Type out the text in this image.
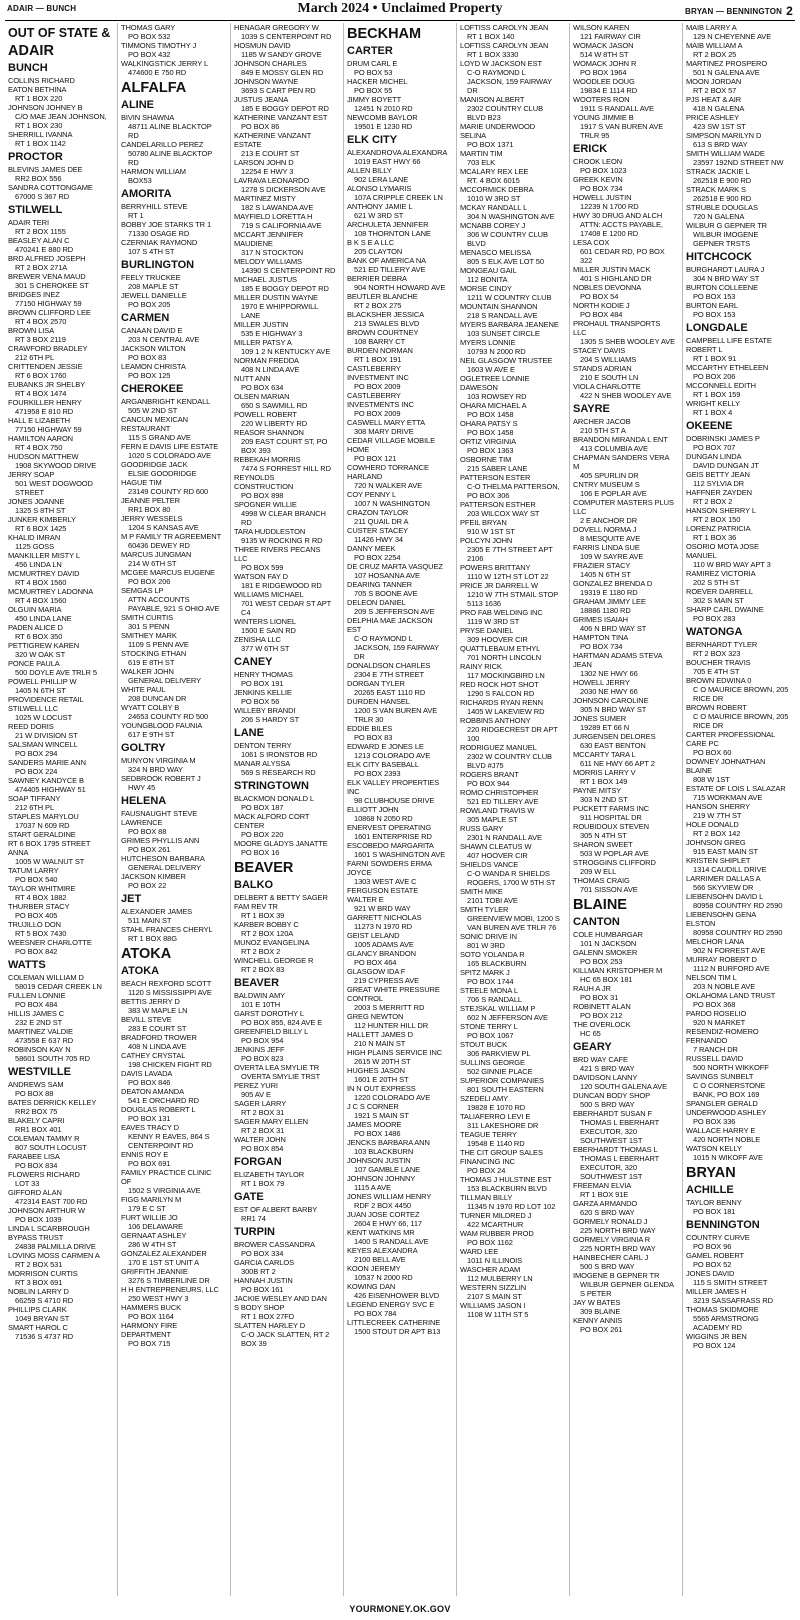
ADAIR — BUNCH	March 2024 • Unclaimed Property	BRYAN — BENNINGTON 2
OUT OF STATE &
ADAIR
BUNCH
COLLINS RICHARD
EATON BETHINA
RT 1 BOX 220
JOHNSON JOHNEY B
C/O MAE JEAN JOHNSON,
RT 1 BOX 230
SHERRILL IVANNA
RT 1 BOX 1142
PROCTOR
BLEVINS JAMES DEE
RR2 BOX 556
SANDRA COTTONGAME
67000 S 367 RD
STILWELL
ADAIR TERI
RT 2 BOX 1155
BEASLEY ALAN C
470241 E 880 RD
BRD ALFRED JOSEPH
RT 2 BOX 271A
BREWER VENA MAUD
301 S CHEROKEE ST
BRIDGES INEZ
77150 HIGHWAY 59
BROWN CLIFFORD LEE
RT 4 BOX 2570
BROWN LISA
RT 3 BOX 2119
CRAWFORD BRADLEY
212 6TH PL
CRITTENDEN JESSIE
RT 6 BOX 1760
EUBANKS JR SHELBY
RT 4 BOX 1474
FOURKILLER HENRY
471958 E 810 RD
HALL E LIZABETH
77150 HIGHWAY 59
HAMILTON AARON
RT 4 BOX 750
HUDSON MATTHEW
1908 SKYWOOD DRIVE
JERRY SOAP
501 WEST DOGWOOD
STREET
JONES JOANNE
1325 S 8TH ST
JUNKER KIMBERLY
RT 6 BOX 1425
KHALID IMRAN
1125 GOSS
MANKILLER MISTY L
456 LINDA LN
MCMURTREY DAVID
RT 4 BOX 1560
MCMURTREY LADONNA
RT 4 BOX 1560
OLGUIN MARIA
450 LINDA LANE
PADEN ALICE D
RT 6 BOX 350
PETTIGREW KAREN
320 W OAK ST
PONCE PAULA
500 DOYLE AVE TRLR 5
POWELL PHILLIP W
1405 N 6TH ST
PROVIDENCE RETAIL
STILWELL LLC
1025 W LOCUST
REED DORIS
21 W DIVISION ST
SALSMAN WINCELL
PO BOX 294
SANDERS MARIE ANN
PO BOX 224
SAWNEY KANDYCE B
474405 HIGHWAY 51
SOAP TIFFANY
212 6TH PL
STAPLES MARYLOU
17037 N 609 RD
START GERALDINE
RT 6 BOX 1795 STREET
ANNA
1005 W WALNUT ST
TATUM LARRY
PO BOX 540
TAYLOR WHITMIRE
RT 4 BOX 1882
THURBER STACY
PO BOX 405
TRUJILLO DON
RT 5 BOX 7430
WEESNER CHARLOTTE
PO BOX 842
WATTS
COLEMAN WILLIAM D
58019 CEDAR CREEK LN
FULLEN LONNIE
PO BOX 484
HILLIS JAMES C
232 E 2ND ST
MARTINEZ VALDIE
473558 E 637 RD
ROBINSON KAY N
58601 SOUTH 705 RD
WESTVILLE
ANDREWS SAM
PO BOX 88
BATES DERRICK KELLEY
RR2 BOX 75
BLAKELY CAPRI
RR1 BOX 401
COLEMAN TAMMY R
807 SOUTH LOCUST
FARABEE LISA
PO BOX 834
FLOWERS RICHARD
LOT 33
GIFFORD ALAN
472314 EAST 700 RD
JOHNSON ARTHUR W
PO BOX 1039
LINDA L SCARBROUGH
BYPASS TRUST
24838 PALMILLA DRIVE
LOVING MOSS CARMEN A
RT 2 BOX 531
MORRISON CURTIS
RT 3 BOX 691
NOBLIN LARRY D
66259 S 4710 RD
PHILLIPS CLARK
1049 BRYAN ST
SMART HAROL C
71536 S 4737 RD
THOMAS GARY
PO BOX 532
TIMMONS TIMOTHY J
PO BOX 432
WALKINGSTICK JERRY L
474600 E 750 RD
ALFALFA
ALINE
BIVIN SHAWNA
48711 ALINE BLACKTOP
RD
CANDELARILLO PEREZ
50780 ALINE BLACKTOP
RD
HARMON WILLIAM
BOX53
AMORITA
BERRYHILL STEVE
RT 1
BOBBY JOE STARKS TR 1
71330 OSAGE RD
CZERNIAK RAYMOND
107 S 4TH ST
BURLINGTON
FEELY TRUCKEE
208 MAPLE ST
JEWELL DANIELLE
PO BOX 205
CARMEN
CANAAN DAVID E
203 N CENTRAL AVE
JACKSON WILTON
PO BOX 83
LEAMON CHRISTA
PO BOX 125
CHEROKEE
ARGANBRIGHT KENDALL
505 W 2ND ST
CANCUN MEXICAN
RESTAURANT
115 S GRAND AVE
FERN E DAVIS LIFE ESTATE
1020 S COLORADO AVE
GOODRIDGE JACK
ELSIE GOODRIDGE
HAGUE TIM
23149 COUNTY RD 600
JEANNE PELTER
RR1 BOX 80
JERRY WESSELS
1204 S KANSAS AVE
M P FAMILY TR AGREEMENT
60436 DEWEY RD
MARCUS JUNGMAN
214 W 6TH ST
MCGEE MARCUS EUGENE
PO BOX 206
SEMGAS LP
ATTN ACCOUNTS
PAYABLE, 921 S OHIO AVE
SMITH CURTIS
301 S PENN
SMITHEY MARK
1109 S PENN AVE
STOCKING ETHAN
619 E 8TH ST
WALKER JOHN
GENERAL DELIVERY
WHITE PAUL
208 DUNCAN DR
WYATT COLBY B
24653 COUNTY RD 500
YOUNGBLOOD FAUNIA
617 E 9TH ST
GOLTRY
MUNYON VIRGINIA M
324 N BRD WAY
SEDBROOK ROBERT J
HWY 45
HELENA
FAUSNAUGHT STEVE
LAWRENCE
PO BOX 88
GRIMES PHYLLIS ANN
PO BOX 261
HUTCHESON BARBARA
GENERAL DELIVERY
JACKSON KIMBER
PO BOX 22
JET
ALEXANDER JAMES
511 MAIN ST
STAHL FRANCES CHERYL
RT 1 BOX 88G
ATOKA
ATOKA
BEACH REXFORD SCOTT
1120 S MISSISSIPPI AVE
BETTIS JERRY D
383 W MAPLE LN
BEVILL STEVE
283 E COURT ST
BRADFORD TROWER
408 N LINDA AVE
CATHEY CRYSTAL
198 CHICKEN FIGHT RD
DAVIS LAVADA
PO BOX 846
DEATON AMANDA
541 E ORCHARD RD
DOUGLAS ROBERT L
PO BOX 131
EAVES TRACY D
KENNY R EAVES, 864 S
CENTERPOINT RD
ENNIS ROY E
PO BOX 691
FAMILY PRACTICE CLINIC
OF
1502 S VIRGINIA AVE
FIGG MARILYN M
179 E C ST
FURT WILLIE JO
106 DELAWARE
GERNAAT ASHLEY
286 W 4TH ST
GONZALEZ ALEXANDER
170 E 1ST ST UNIT A
GRIFFITH JEANNIE
3276 S TIMBERLINE DR
H H ENTREPRENEURS, LLC
250 WEST HWY 3
HAMMERS BUCK
PO BOX 1164
HARMONY FIRE
DEPARTMENT
PO BOX 715
HENAGAR GREGORY W
1039 S CENTERPOINT RD
HOSMUN DAVID
1185 W SANDY GROVE
JOHNSON CHARLES
849 E MOSSY GLEN RD
JOHNSON WAYNE
3693 S CART PEN RD
JUSTUS JEANA
185 E BOGGY DEPOT RD
KATHERINE VANZANT EST
PO BOX 86
KATHERINE VANZANT
ESTATE
213 E COURT ST
LARSON JOHN D
12254 E HWY 3
LAVRAVA LEONARDO
1278 S DICKERSON AVE
MARTINEZ MISTY
182 S LAWANDA AVE
MAYFIELD LORETTA H
719 S CALIFORNIA AVE
MCCART JENNIFER
MAUDIENE
317 N STOCKTON
MELODY WILLIAMS
14390 S CENTERPOINT RD
MICHAEL JUSTUS
185 E BOGGY DEPOT RD
MILLER DUSTIN WAYNE
1970 E WHIPPORWILL
LANE
MILLER JUSTIN
535 E HIGHWAY 3
MILLER PATSY A
109 1 2 N KENTUCKY AVE
NORMAN FREDDA
408 N LINDA AVE
NUTT ANN
PO BOX 634
OLSEN MARIAN
650 S SAWMILL RD
POWELL ROBERT
220 W LIBERTY RD
REASOR SHANNON
209 EAST COURT ST, PO
BOX 393
REBEKAH MORRIS
7474 S FORREST HILL RD
REYNOLDS
CONSTRUCTION
PO BOX 898
SPOGNER WILLIE
4998 W CLEAR BRANCH
RD
TARA HUDDLESTON
9135 W ROCKING R RD
THREE RIVERS PECANS
LLC
PO BOX 599
WATSON FAY D
181 E RIDGEWOOD RD
WILLIAMS MICHAEL
701 WEST CEDAR ST APT
C4
WINTERS LIONEL
1500 E SAIN RD
ZENISHA LLC
377 W 6TH ST
CANEY
HENRY THOMAS
PO BOX 191
JENKINS KELLIE
PO BOX 56
WILLEBY BRANDI
206 S HARDY ST
LANE
DENTON TERRY
1061 S IRONSTOB RD
MANAR ALYSSA
569 S RESEARCH RD
STRINGTOWN
BLACKMON DONALD L
PO BOX 187
MACK ALFORD CORT
CENTER
PO BOX 220
MOORE GLADYS JANATTE
PO BOX 16
BEAVER
BALKO
DELBERT & BETTY SAGER
FAM REV TR
RT 1 BOX 39
KARBER BOBBY C
RT 2 BOX 120A
MUNOZ EVANGELINA
RT 2 BOX 2
WINCHELL GEORGE R
RT 2 BOX 83
BEAVER
BALDWIN AMY
101 E 10TH
GARST DOROTHY L
PO BOX 855, 824 AVE E
GREENFIELD BILLY L
PO BOX 954
JENKINS JEFF
PO BOX 823
OVERTA LEA SMYLIE TR
OVERTA SMYLIE TRST
PEREZ YURI
905 AV E
SAGER LARRY
RT 2 BOX 31
SAGER MARY ELLEN
RT 2 BOX 31
WALTER JOHN
PO BOX 854
FORGAN
ELIZABETH TAYLOR
RT 1 BOX 79
GATE
EST OF ALBERT BARBY
RR1 74
TURPIN
BROWER CASSANDRA
PO BOX 334
GARCIA CARLOS
300B RT 2
HANNAH JUSTIN
PO BOX 161
JACKIE WESLEY AND DAN
S BODY SHOP
RT 1 BOX 27FD
SLATTEN HARLEY D
C-O JACK SLATTEN, RT 2
BOX 39
BECKHAM
CARTER
DRUM CARL E
PO BOX 53
HACKER MICHEL
PO BOX 55
JIMMY BOYETT
12451 N 2010 RD
NEWCOMB BAYLOR
19501 E 1230 RD
ELK CITY
ALEXANDROVA ALEXANDRA
1019 EAST HWY 66
ALLEN BILLY
902 LERA LANE
ALONSO LYMARIS
107A CRIPPLE CREEK LN
ANTHONY JAMIE L
621 W 3RD ST
ARCHULETA JENNIFER
108 THORNTON LANE
B K S E A LLC
205 CLAYTON
BANK OF AMERICA NA
521 ED TILLERY AVE
BERRIER DEBRA
904 NORTH HOWARD AVE
BEUTLER BLANCHE
RT 2 BOX 275
BLACKSHER JESSICA
213 SWALES BLVD
BROWN COURTNEY
108 BARRY CT
BURDEN NORMAN
RT 1 BOX 191
CASTLEBERRY
INVESTMENT INC
PO BOX 2009
CASTLEBERRY
INVESTMENTS INC
PO BOX 2009
CASWELL MARY ETTA
308 MARY DRIVE
CEDAR VILLAGE MOBILE
HOME
PO BOX 121
COWHERD TORRANCE
HARLAND
720 N WALKER AVE
COY PENNY L
1007 N WASHINGTON
CRAZON TAYLOR
211 QUAIL DR A
CUSTER STACEY
11426 HWY 34
DANNY MEEK
PO BOX 2254
DE CRUZ MARTA VASQUEZ
107 HOSANNA AVE
DEARING TANNER
705 S BOONE AVE
DELEON DANIEL
209 S JEFFERSON AVE
DELPHIA MAE JACKSON
EST
C-O RAYMOND L
JACKSON, 159 FAIRWAY
DR
DONALDSON CHARLES
2304 E 7TH STREET
DORGAN TYLER
20265 EAST 1110 RD
DURDEN HANSEL
1200 S VAN BUREN AVE
TRLR 30
EDDIE BILES
PO BOX 83
EDWARD E JONES LE
1213 COLORADO AVE
ELK CITY BASEBALL
PO BOX 2393
ELK VALLEY PROPERTIES
INC
98 CLUBHOUSE DRIVE
ELLIOTT JOHN
10868 N 2050 RD
ENERVEST OPERATING
1601 ENTERPRISE RD
ESCOBEDO MARGARITA
1601 S WASHINGTON AVE
FARNI SOWDERS ERMA
JOYCE
1303 WEST AVE C
FERGUSON ESTATE
WALTER E
921 W BRD WAY
GARRETT NICHOLAS
11273 N 1970 RD
GEIST LELAND
1005 ADAMS AVE
GLANCY BRANDON
PO BOX 464
GLASGOW IDA F
219 CYPRESS AVE
GREAT WHITE PRESSURE
CONTROL
2003 S MERRITT RD
GREG NEWTON
112 HUNTER HILL DR
HALLETT JAMES D
210 N MAIN ST
HIGH PLAINS SERVICE INC
2615 W 20TH ST
HUGHES JASON
1601 E 20TH ST
IN N OUT EXPRESS
1220 COLORADO AVE
J C S CORNER
1921 S MAIN ST
JAMES MOORE
PO BOX 1486
JENCKS BARBARA ANN
103 BLACKBURN
JOHNSON JUSTIN
107 GAMBLE LANE
JOHNSON JOHNNY
1115 A AVE
JONES WILLIAM HENRY
RDF 2 BOX 4450
JUAN JOSE CORTEZ
2604 E HWY 66, 117
KENT WATKINS MR
1400 S RANDALL AVE
KEYES ALEXANDRA
2100 BELL AVE
KOON JEREMY
10537 N 2000 RD
KOWING DAN
426 EISENHOWER BLVD
LEGEND ENERGY SVC E
PO BOX 784
LITTLECREEK CATHERINE
1500 STOUT DR APT B13
LOFTISS CAROLYN JEAN
RT 1 BOX 140
LOFTISS CAROLYN JEAN
RT 1 BOX 3330
LOYD W JACKSON EST
C-O RAYMOND L
JACKSON, 159 FAIRWAY
DR
MANISON ALBERT
2302 COUNTRY CLUB
BLVD B23
MARIE UNDERWOOD
SELINA
PO BOX 1371
MARTIN TIM
703 ELK
MCALARY REX LEE
RT. 4 BOX 6015
MCCORMICK DEBRA
1010 W 3RD ST
MCKAY RANDALL L
304 N WASHINGTON AVE
MCNABB COREY J
306 W COUNTRY CLUB
BLVD
MENASCO MELISSA
805 S ELK AVE LOT 50
MONGEAU GAIL
112 BONITA
MORSE CINDY
1211 W COUNTRY CLUB
MOUNTAIN SHANNON
218 S RANDALL AVE
MYERS BARBARA JEANENE
103 SUNSET CIRCLE
MYERS LONNIE
10793 N 2000 RD
NEIL GLASGOW TRUSTEE
1603 W AVE E
OGLETREE LONNIE
DAWESON
103 ROWSEY RD
OHARA MICHAEL A
PO BOX 1458
OHARA PATSY S
PO BOX 1458
ORTIZ VIRGINIA
PO BOX 1363
OSBORNE TIM
215 SABER LANE
PATTERSON ESTER
C-O THELMA PATTERSON,
PO BOX 306
PATTERSON ESTHER
203 WILCOX WAY ST
PFEIL BRYAN
910 W 1ST ST
POLCYN JOHN
2305 E 7TH STREET APT
2106
POWERS BRITTANY
1110 W 12TH ST LOT 22
PRICE JR DARRELL W
1210 W 7TH STMAIL STOP
5113 1636
PRO FAB WELDING INC
1119 W 3RD ST
PRYSE DANIEL
309 HOOVER CIR
QUATTLEBAUM ETHYL
701 NORTH LINCOLN
RAINY RICK
117 MOCKINGBIRD LN
RED ROCK HOT SHOT
1290 S FALCON RD
RICHARDS RYAN RENN
1405 W LAKEVIEW RD
ROBBINS ANTHONY
220 RIDGECREST DR APT
100
RODRIGUEZ MANUEL
2302 W COUNTRY CLUB
BLVD #J75
ROGERS BRANT
PO BOX 944
ROMO CHRISTOPHER
521 ED TILLERY AVE
ROWLAND TRAVIS W
305 MAPLE ST
RUSS GARY
2301 N RANDALL AVE
SHAWN CLEATUS W
407 HOOVER CIR
SHIELDS VANCE
C-O WANDA R SHIELDS
ROGERS, 1700 W 5TH ST
SMITH MIKE
2101 TOBI AVE
SMITH TYLER
GREENVIEW MOBI, 1200 S
VAN BUREN AVE TRLR 76
SONIC DRIVE IN
801 W 3RD
SOTO YOLANDA R
165 BLACKBURN
SPITZ MARK J
PO BOX 1744
STEELE MONA L
706 S RANDALL
STEJSKAL WILLIAM P
602 N JEFFERSON AVE
STONE TERRY L
PO BOX 1067
STOUT BUCK
306 PARKVIEW PL
SULLINS GEORGE
502 GINNIE PLACE
SUPERIOR COMPANIES
801 SOUTH EASTERN
SZEDELI AMY
19828 E 1070 RD
TALIAFERRO LEVI E
311 LAKESHORE DR
TEAGUE TERRY
19548 E 1140 RD
THE CIT GROUP SALES
FINANCING INC
PO BOX 24
THOMAS J HULSTINE EST
153 BLACKBURN BLVD
TILLMAN BILLY
11345 N 1970 RD LOT 102
TURNER MILDRED J
422 MCARTHUR
WAM RUBBER PROD
PO BOX 1162
WARD LEE
1011 N ILLINOIS
WASCHER ADAM
112 MULBERRY LN
WESTERN SIZZLIN
2107 S MAIN ST
WILLIAMS JASON I
1108 W 11TH ST 5
WILSON KAREN
121 FAIRWAY CIR
WOMACK JASON
514 W 8TH ST
WOMACK JOHN R
PO BOX 1964
WOODLEE DOUG
19834 E 1114 RD
WOOTERS RON
1911 S RANDALL AVE
YOUNG JIMMIE B
1917 S VAN BUREN AVE
TRLR 95
ERICK
CROOK LEON
PO BOX 1023
GREEK KEVIN
PO BOX 734
HOWELL JUSTIN
12239 N 1700 RD
HWY 30 DRUG AND ALCH
ATTN: ACCTS PAYABLE,
17408 E 1200 RD
LESA COX
601 CEDAR RD, PO BOX
322
MILLER JUSTIN MACK
401 S HIGHLAND DR
NOBLES DEVONNA
PO BOX 54
NORTH KODIE J
PO BOX 484
PROHAUL TRANSPORTS
LLC
1305 S SHEB WOOLEY AVE
STACEY DAVIS
204 S WILLIAMS
STANDS ADRIAN
210 E SOUTH LN
VIOLA CHARLOTTE
422 N SHEB WOOLEY AVE
SAYRE
ARCHER JACOB
210 5TH ST A
BRANDON MIRANDA L ENT
413 COLUMBIA AVE
CHAPMAN SANDERS VERA
M
405 SPURLIN DR
CNTRY MUSEUM S
106 E POPLAR AVE
COMPUTER MASTERS PLUS
LLC
2 E ANCHOR DR
DOVELL NORMA J
8 MESQUITE AVE
FARRIS LINDA SUE
109 W SAYRE AVE
FRAZIER STACY
1405 N 6TH ST
GONZALEZ BRENDA D
19319 E 1180 RD
GRAHAM JIMMY LEE
18886 1180 RD
GRIMES ISAIAH
406 N BRD WAY ST
HAMPTON TINA
PO BOX 734
HARTMAN ADAMS STEVA
JEAN
1302 NE HWY 66
HOWELL JERRY
2030 NE HWY 66
JOHNSON CAROLINE
305 N BRD WAY ST
JONES SUMER
19289 ET 66 N
JURGENSEN DELORES
630 EAST BENTON
MCCARTY TARA L
611 NE HWY 66 APT 2
MORRIS LARRY V
RT 1 BOX 149
PAYNE MITSY
303 N 2ND ST
PUCKETT FARMS INC
911 HOSPITAL DR
ROUBIDOUX STEVEN
305 N 4TH ST
SHARON SWEET
503 W POPLAR AVE
STROGGINS CLIFFORD
209 W ELL
THOMAS CRAIG
701 SISSON AVE
BLAINE
CANTON
COLE HUMBARGAR
101 N JACKSON
GALENN SMOKER
PO BOX 253
KILLMAN KRISTOPHER M
HC 65 BOX 181
RAUH A JR
PO BOX 31
ROBINETT ALAN
PO BOX 212
THE OVERLOCK
HC 65
GEARY
BRD WAY CAFE
421 S BRD WAY
DAVIDSON LANNY
120 SOUTH GALENA AVE
DUNCAN BODY SHOP
500 S BRD WAY
EBERHARDT SUSAN F
THOMAS L EBERHART
EXECUTOR, 320
SOUTHWEST 1ST
EBERHARDT THOMAS L
THOMAS L EBERHART
EXECUTOR, 320
SOUTHWEST 1ST
FREEMAN ELVIA
RT 1 BOX 91E
GARZA ARMANDO
620 S BRD WAY
GORMELY RONALD J
225 NORTH BRD WAY
GORMELY VIRGINIA R
225 NORTH BRD WAY
HAINBECHER CARL J
500 S BRD WAY
IMOGENE B GEPNER TR
WILBUR GEPNER GLENDA
S PETER
JAY W BATES
309 BLAINE
KENNY ANNIS
PO BOX 261
MAIB LARRY A
129 N CHEYENNE AVE
MAIB WILLIAM A
RT 2 BOX 25
MARTINEZ PROSPERO
501 N GALENA AVE
MOON JORDAN
RT 2 BOX 57
PJS HEAT & AIR
418 N GALENA
PRICE ASHLEY
423 SW 1ST ST
SIMPSON MARILYN D
613 S BRD WAY
SMITH WILLIAM WADE
23597 192ND STREET NW
STRACK JACKIE L
262518 E 900 RD
STRACK MARK S
262518 E 900 RD
STRUBLE DOUGLAS
720 N GALENA
WILBUR G GEPNER TR
WILBUR IMOGENE
GEPNER TRSTS
HITCHCOCK
BURGHARDT LAURA J
304 N BRD WAY ST
BURTON COLLEENE
PO BOX 153
BURTON EARL
PO BOX 153
LONGDALE
CAMPBELL LIFE ESTATE
ROBERT L
RT 1 BOX 91
MCCARTHY ETHELEEN
PO BOX 206
MCCONNELL EDITH
RT 1 BOX 159
WRIGHT KELLY
RT 1 BOX 4
OKEENE
DOBRINSKI JAMES P
PO BOX 707
DUNGAN LINDA
DAVID DUNGAN JT
GEIS BETTY JEAN
112 SYLVIA DR
HAFFNER ZAYDEN
RT 2 BOX 2
HANSON SHERRY L
RT 2 BOX 150
LORENZ PATRICIA
RT 1 BOX 36
OSORIO MOTA JOSE
MANUEL
110 W BRD WAY APT 3
RAMIREZ VICTORIA
202 S 5TH ST
ROEVER DARRELL
302 S MAIN ST
SHARP CARL DWAINE
PO BOX 283
WATONGA
BERNHARDT TYLER
RT 2 BOX 323
BOUCHER TRAVIS
705 E 4TH ST
BROWN EDWINA 0
C O MAURICE BROWN, 205
RICE DR
BROWN ROBERT
C O MAURICE BROWN, 205
RICE DR
CARTER PROFESSIONAL
CARE PC
PO BOX 60
DOWNEY JOHNATHAN
BLAINE
808 W 1ST
ESTATE OF LOIS L SALAZAR
715 WORKMAN AVE
HANSON SHERRY
219 W 7TH ST
HOLE DONALD
RT 2 BOX 142
JOHNSON GREG
915 EAST MAIN ST
KRISTEN SHIPLET
1314 CAUDILL DRIVE
LARRIMER DALLAS A
566 SKYVIEW DR
LIEBENSOHN DAVID L
80958 COUNTRY RD 2590
LIEBENSOHN GENA
ELSTON
80958 COUNTRY RD 2590
MELCHOR LANA
902 N FORREST AVE
MURRAY ROBERT D
1112 N BURFORD AVE
NELSON TIM L
203 N NOBLE AVE
OKLAHOMA LAND TRUST
PO BOX 368
PARDO ROSELIO
920 N MARKET
RESENDIZ-ROMERO
FERNANDO
7 RANCH DR
RUSSELL DAVID
500 NORTH WIKKOFF
SAVINGS SUNBELT
C O CORNERSTONE
BANK, PO BOX 169
SPANGLER GERALD
UNDERWOOD ASHLEY
PO BOX 336
WALLACE HARRY E
420 NORTH NOBLE
WATSON KELLY
1015 N WIKOFF AVE
BRYAN
ACHILLE
TAYLOR BENNY
PO BOX 181
BENNINGTON
COUNTRY CURVE
PO BOX 96
GAMEL ROBERT
PO BOX 52
JONES DAVID
115 S SMITH STREET
MILLER JAMES H
3219 SASSAFRASS RD
THOMAS SKIDMORE
5565 ARMSTRONG
ACADEMY RD
WIGGINS JR BEN
PO BOX 124
YOURMONEY.OK.GOV
